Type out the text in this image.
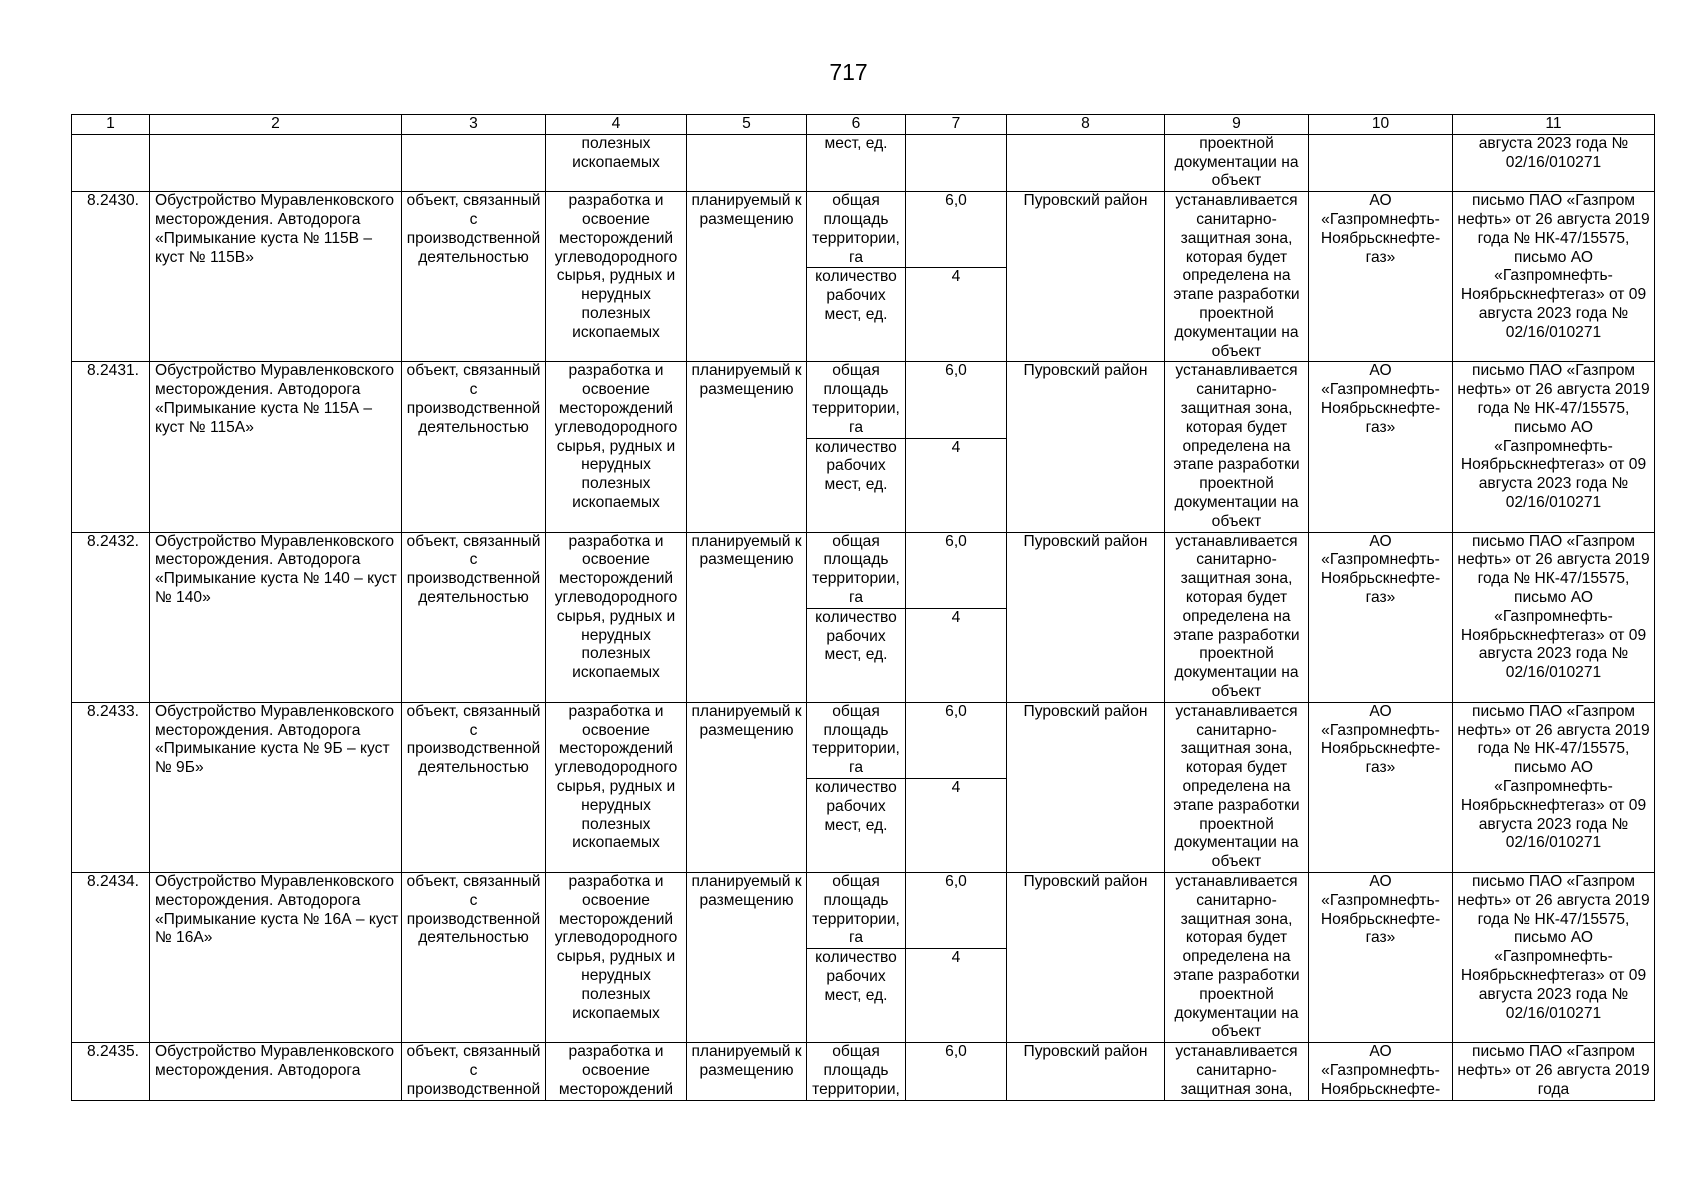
717
1	2	3	4	5	6	7	8	9	10	11
			полезных ископаемых		мест, ед.			проектной документации на объект		августа 2023 года № 02/16/010271
8.2430.	Обустройство Муравленковского месторождения. Автодорога «Примыкание куста № 115В – куст № 115В»	объект, связанный с производственной деятельностью	разработка и освоение месторождений углеводородного сырья, рудных и нерудных полезных ископаемых	планируемый к размещению	общая площадь территории, га	6,0	Пуровский район	устанавливается санитарно-защитная зона, которая будет определена на этапе разработки проектной документации на объект	АО «Газпромнефть-Ноябрьскнефте-газ»	письмо ПАО «Газпром нефть» от 26 августа 2019 года № НК-47/15575, письмо АО «Газпромнефть-Ноябрьскнефтегаз» от 09 августа 2023 года № 02/16/010271
					количество рабочих мест, ед.	4				
8.2431.	Обустройство Муравленковского месторождения. Автодорога «Примыкание куста № 115А – куст № 115А»	объект, связанный с производственной деятельностью	разработка и освоение месторождений углеводородного сырья, рудных и нерудных полезных ископаемых	планируемый к размещению	общая площадь территории, га	6,0	Пуровский район	устанавливается санитарно-защитная зона, которая будет определена на этапе разработки проектной документации на объект	АО «Газпромнефть-Ноябрьскнефте-газ»	письмо ПАО «Газпром нефть» от 26 августа 2019 года № НК-47/15575, письмо АО «Газпромнефть-Ноябрьскнефтегаз» от 09 августа 2023 года № 02/16/010271
					количество рабочих мест, ед.	4				
8.2432.	Обустройство Муравленковского месторождения. Автодорога «Примыкание куста № 140 – куст № 140»	объект, связанный с производственной деятельностью	разработка и освоение месторождений углеводородного сырья, рудных и нерудных полезных ископаемых	планируемый к размещению	общая площадь территории, га	6,0	Пуровский район	устанавливается санитарно-защитная зона, которая будет определена на этапе разработки проектной документации на объект	АО «Газпромнефть-Ноябрьскнефте-газ»	письмо ПАО «Газпром нефть» от 26 августа 2019 года № НК-47/15575, письмо АО «Газпромнефть-Ноябрьскнефтегаз» от 09 августа 2023 года № 02/16/010271
					количество рабочих мест, ед.	4				
8.2433.	Обустройство Муравленковского месторождения. Автодорога «Примыкание куста № 9Б – куст № 9Б»	объект, связанный с производственной деятельностью	разработка и освоение месторождений углеводородного сырья, рудных и нерудных полезных ископаемых	планируемый к размещению	общая площадь территории, га	6,0	Пуровский район	устанавливается санитарно-защитная зона, которая будет определена на этапе разработки проектной документации на объект	АО «Газпромнефть-Ноябрьскнефте-газ»	письмо ПАО «Газпром нефть» от 26 августа 2019 года № НК-47/15575, письмо АО «Газпромнефть-Ноябрьскнефтегаз» от 09 августа 2023 года № 02/16/010271
					количество рабочих мест, ед.	4				
8.2434.	Обустройство Муравленковского месторождения. Автодорога «Примыкание куста № 16А – куст № 16А»	объект, связанный с производственной деятельностью	разработка и освоение месторождений углеводородного сырья, рудных и нерудных полезных ископаемых	планируемый к размещению	общая площадь территории, га	6,0	Пуровский район	устанавливается санитарно-защитная зона, которая будет определена на этапе разработки проектной документации на объект	АО «Газпромнефть-Ноябрьскнефте-газ»	письмо ПАО «Газпром нефть» от 26 августа 2019 года № НК-47/15575, письмо АО «Газпромнефть-Ноябрьскнефтегаз» от 09 августа 2023 года № 02/16/010271
					количество рабочих мест, ед.	4				
8.2435.	Обустройство Муравленковского месторождения. Автодорога	объект, связанный с производственной	разработка и освоение месторождений	планируемый к размещению	общая площадь территории,	6,0	Пуровский район	устанавливается санитарно-защитная зона,	АО «Газпромнефть-Ноябрьскнефте-	письмо ПАО «Газпром нефть» от 26 августа 2019 года
